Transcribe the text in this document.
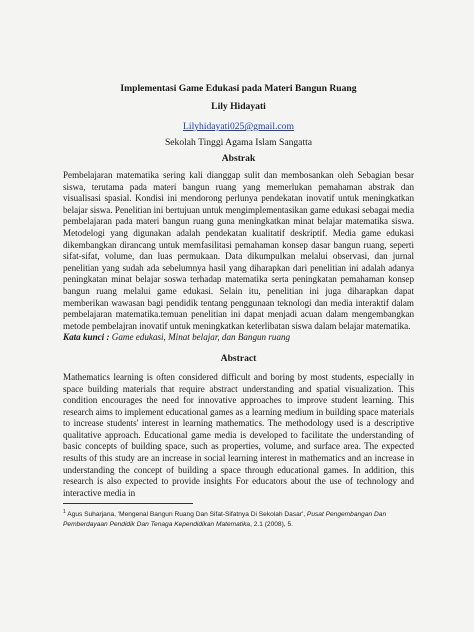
Implementasi Game Edukasi pada Materi Bangun Ruang
Lily Hidayati
Lilyhidayati025@gmail.com
Sekolah Tinggi Agama Islam Sangatta
Abstrak
Pembelajaran matematika sering kali dianggap sulit dan membosankan oleh Sebagian besar siswa, terutama pada materi bangun ruang yang memerlukan pemahaman abstrak dan visualisasi spasial. Kondisi ini mendorong perlunya pendekatan inovatif untuk meningkatkan belajar siswa. Penelitian ini bertujuan untuk mengimplementasikan game edukasi sebagai media pembelajaran pada materi bangun ruang guna meningkatkan minat belajar matematika siswa. Metodelogi yang digunakan adalah pendekatan kualitatif deskriptif. Media game edukasi dikembangkan dirancang untuk memfasilitasi pemahaman konsep dasar bangun ruang, seperti sifat-sifat, volume, dan luas permukaan. Data dikumpulkan melalui observasi, dan jurnal penelitian yang sudah ada sebelumnya hasil yang diharapkan dari penelitian ini adalah adanya peningkatan minat belajar soswa terhadap matematika serta peningkatan pemahaman konsep bangun ruang melalui game edukasi. Selain itu, penelitian ini juga diharapkan dapat memberikan wawasan bagi pendidik tentang penggunaan teknologi dan media interaktif dalam pembelajaran matematika.temuan penelitian ini dapat menjadi acuan dalam mengembangkan metode pembelajran inovatif untuk meningkatkan keterlibatan siswa dalam belajar matematika.
Kata kunci : Game edukasi, Minat belajar, dan Bangun ruang
Abstract
Mathematics learning is often considered difficult and boring by most students, especially in space building materials that require abstract understanding and spatial visualization. This condition encourages the need for innovative approaches to improve student learning. This research aims to implement educational games as a learning medium in building space materials to increase students' interest in learning mathematics. The methodology used is a descriptive qualitative approach. Educational game media is developed to facilitate the understanding of basic concepts of building space, such as properties, volume, and surface area. The expected results of this study are an increase in social learning interest in mathematics and an increase in understanding the concept of building a space through educational games. In addition, this research is also expected to provide insights For educators about the use of technology and interactive media in
$^1$ Agus Suharjana, 'Mengenal Bangun Ruang Dan Sifat-Sifatnya Di Sekolah Dasar', Pusat Pengembangan Dan Pemberdayaan Pendidik Dan Tenaga Kependidikan Matematika, 2.1 (2008), 5.
